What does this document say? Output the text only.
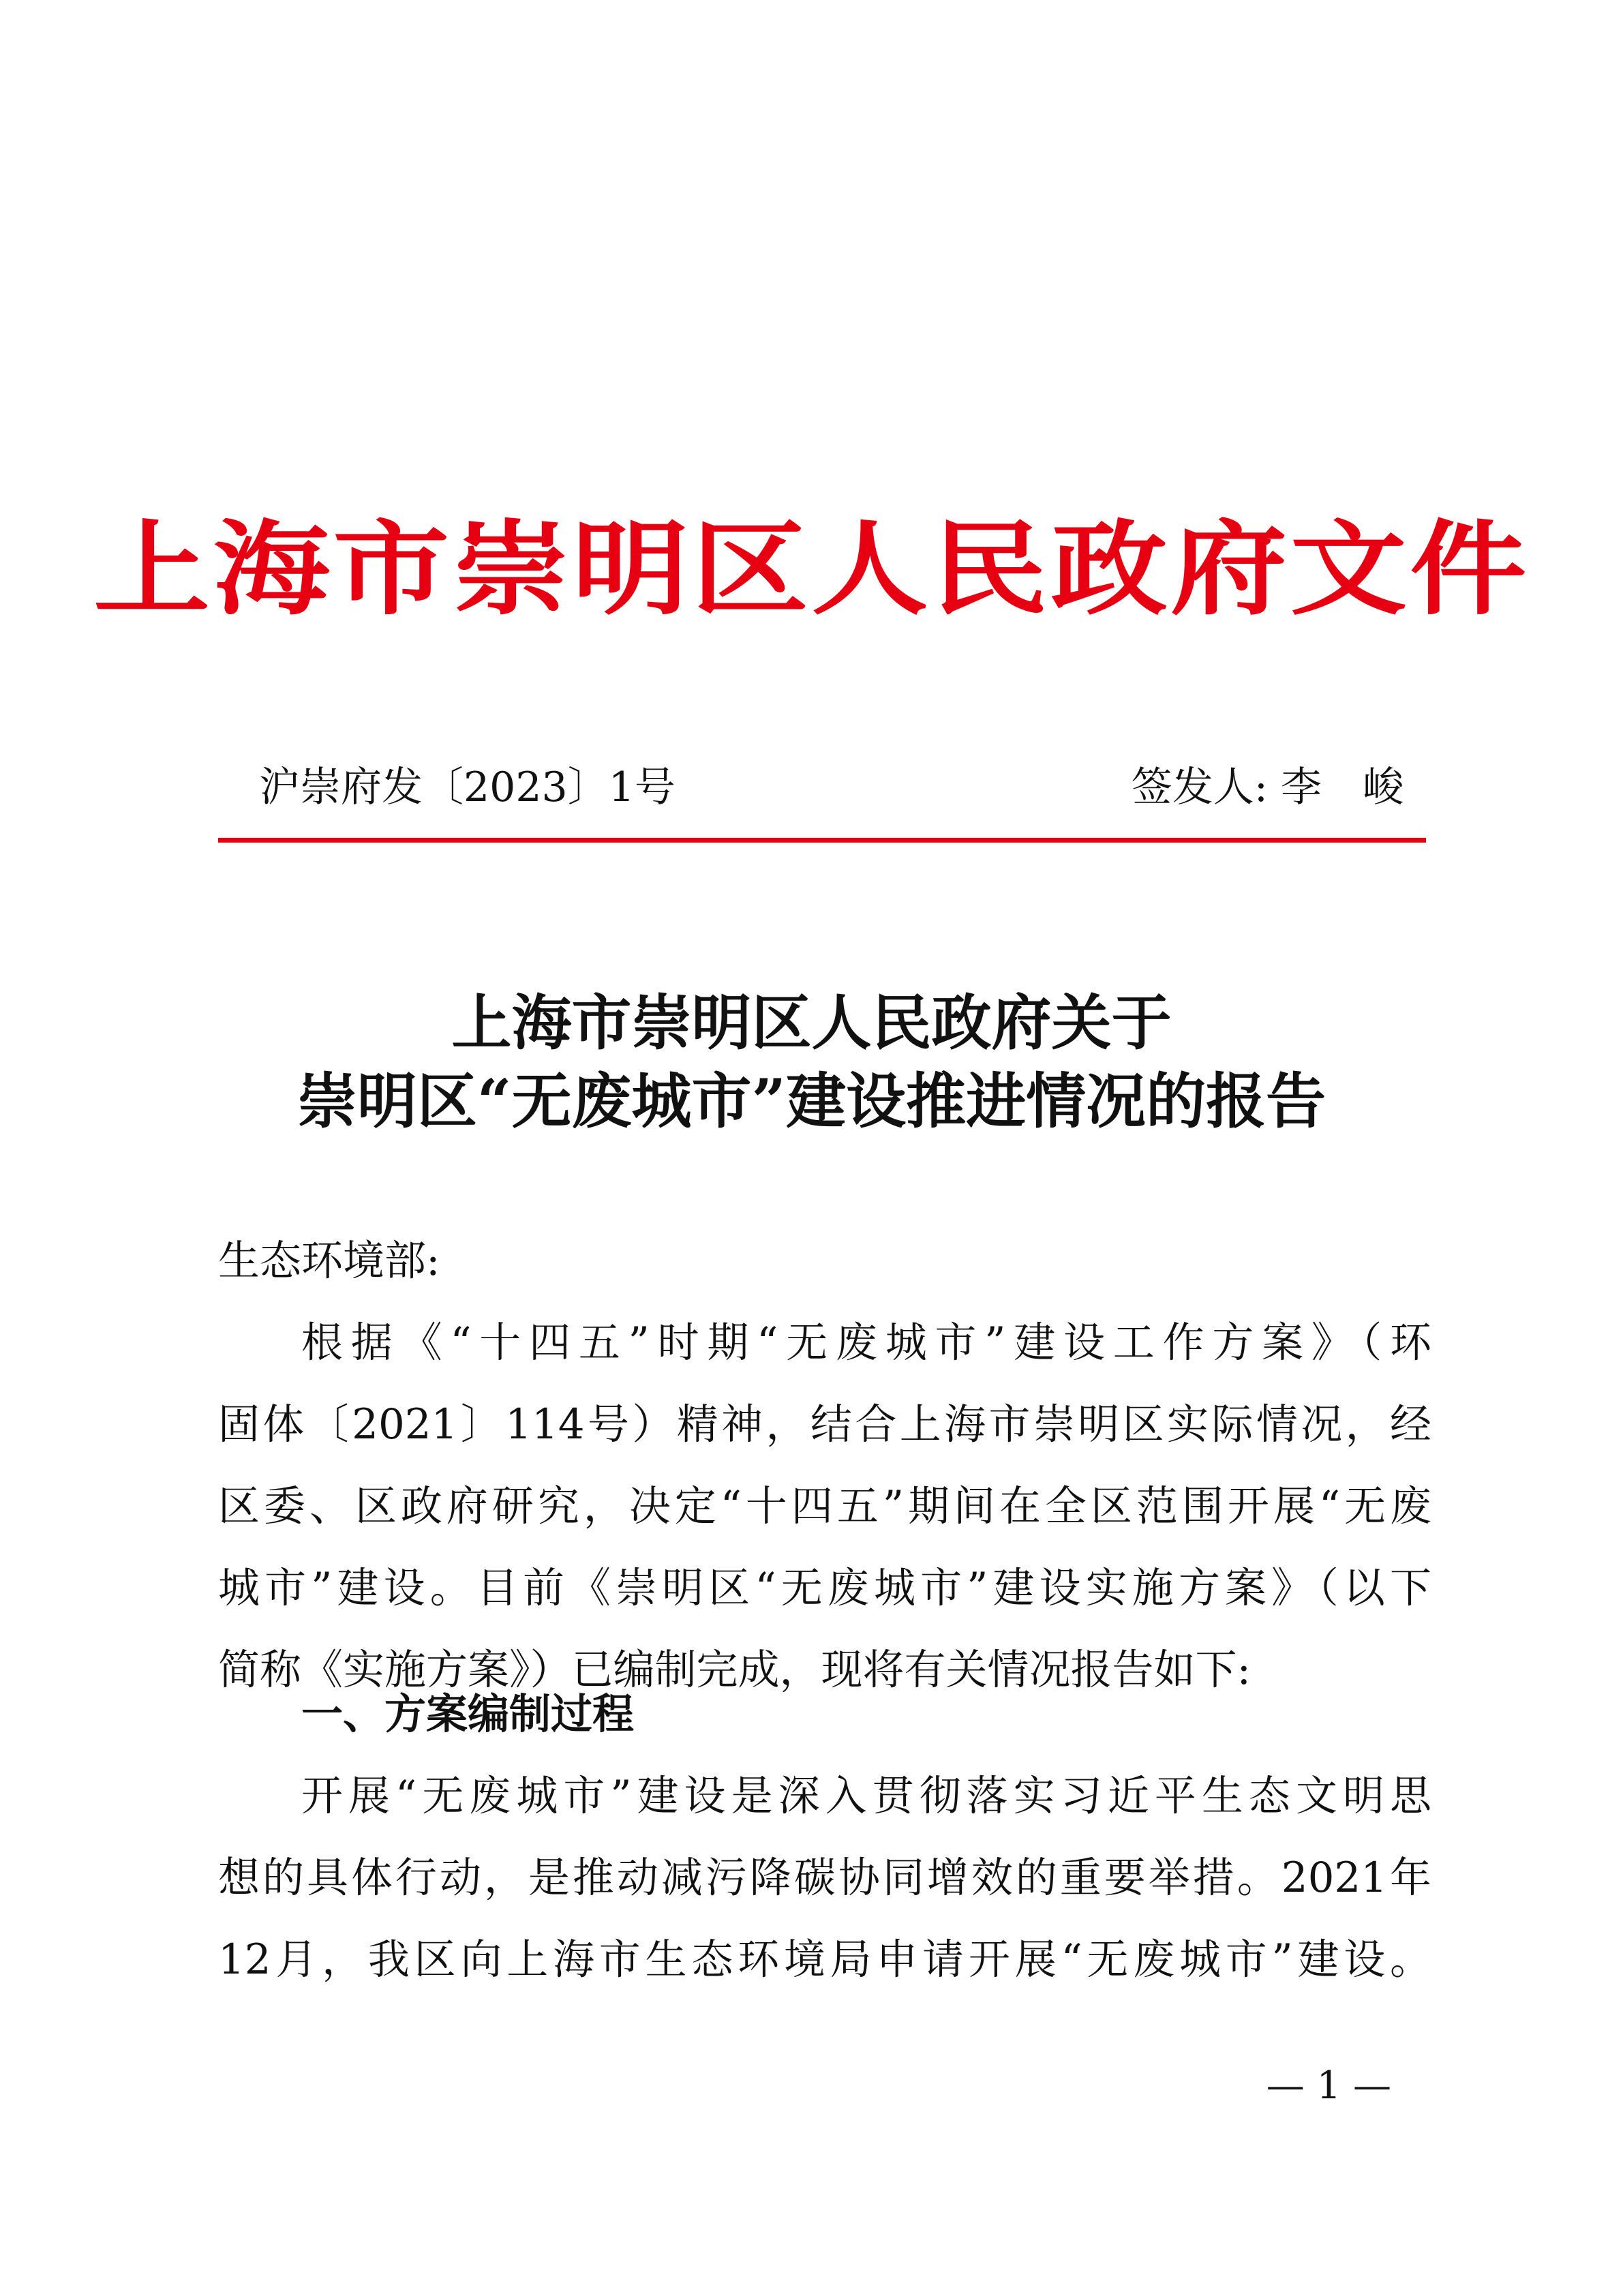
上海市崇明区人民政府文件
沪崇府发〔2023〕1号	签发人: 李峻
上海市崇明区人民政府关于
崇明区“无废城市”建设推进情况的报告
生态环境部:
根据《“十四五”时期“无废城市”建设工作方案》（环
固体〔2021〕114号）精神，结合上海市崇明区实际情况，经
区委、区政府研究，决定“十四五”期间在全区范围开展“无废
城市”建设。目前《崇明区“无废城市”建设实施方案》（以下
简称《实施方案》）已编制完成，现将有关情况报告如下:
一、方案编制过程
开展“无废城市”建设是深入贯彻落实习近平生态文明思
想的具体行动，是推动减污降碳协同增效的重要举措。2021年
12月，我区向上海市生态环境局申请开展“无废城市”建设。
— 1 —
